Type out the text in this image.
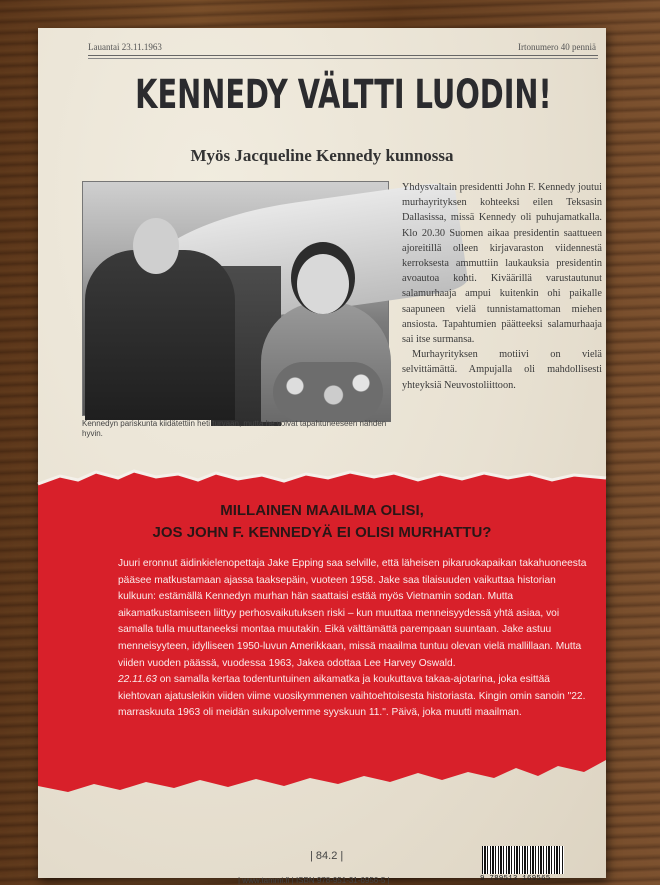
Lauantai 23.11.1963	Irtonumero 40 penniä
KENNEDY VÄLTTI LUODIN!
Myös Jacqueline Kennedy kunnossa
Kennedyn pariskunta kiidätettiin heti turvaan, mutta he voivat tapahtuneeseen nähden hyvin.

Yhdysvaltain presidentti John F. Kennedy joutui murhayrityksen kohteeksi eilen Teksasin Dallasissa, missä Kennedy oli puhujamatkalla. Klo 20.30 Suomen aikaa presidentin saattueen ajoreitillä olleen kirjavaraston viidennestä kerroksesta ammuttiin laukauksia presidentin avoautoa kohti. Kiväärillä varustautunut salamurhaaja ampui kuitenkin ohi paikalle saapuneen vielä tunnistamattoman miehen ansiosta. Tapahtumien päätteeksi salamurhaaja sai itse surmansa.

Murhayrityksen motiivi on vielä selvittämättä. Ampujalla oli mahdollisesti yhteyksiä Neuvostoliittoon.

MILLAINEN MAAILMA OLISI,
JOS JOHN F. KENNEDYÄ EI OLISI MURHATTU?

Juuri eronnut äidinkielenopettaja Jake Epping saa selville, että läheisen pikaruokapaikan takahuoneesta pääsee matkustamaan ajassa taaksepäin, vuoteen 1958. Jake saa tilaisuuden vaikuttaa historian kulkuun: estämällä Kennedyn murhan hän saattaisi estää myös Vietnamin sodan. Mutta aikamatkustamiseen liittyy perhosvaikutuksen riski – kun muuttaa menneisyydessä yhtä asiaa, voi samalla tulla muuttaneeksi montaa muutakin. Eikä välttämättä parempaan suuntaan. Jake astuu menneisyyteen, idylliseen 1950-luvun Amerikkaan, missä maailma tuntuu olevan vielä mallillaan. Mutta viiden vuoden päässä, vuodessa 1963, Jakea odottaa Lee Harvey Oswald.

22.11.63 on samalla kertaa todentuntuinen aikamatka ja koukuttava takaa-ajotarina, joka esittää kiehtovan ajatusleikin viiden viime vuosikymmenen vaihtoehtoisesta historiasta. Kingin omin sanoin "22. marraskuuta 1963 oli meidän sukupolvemme syyskuun 11.". Päivä, joka muutti maailman.

| 84.2 |
| www.tammi.fi | ISBN 978-951-31-6956-5 |	9 789513 169565
